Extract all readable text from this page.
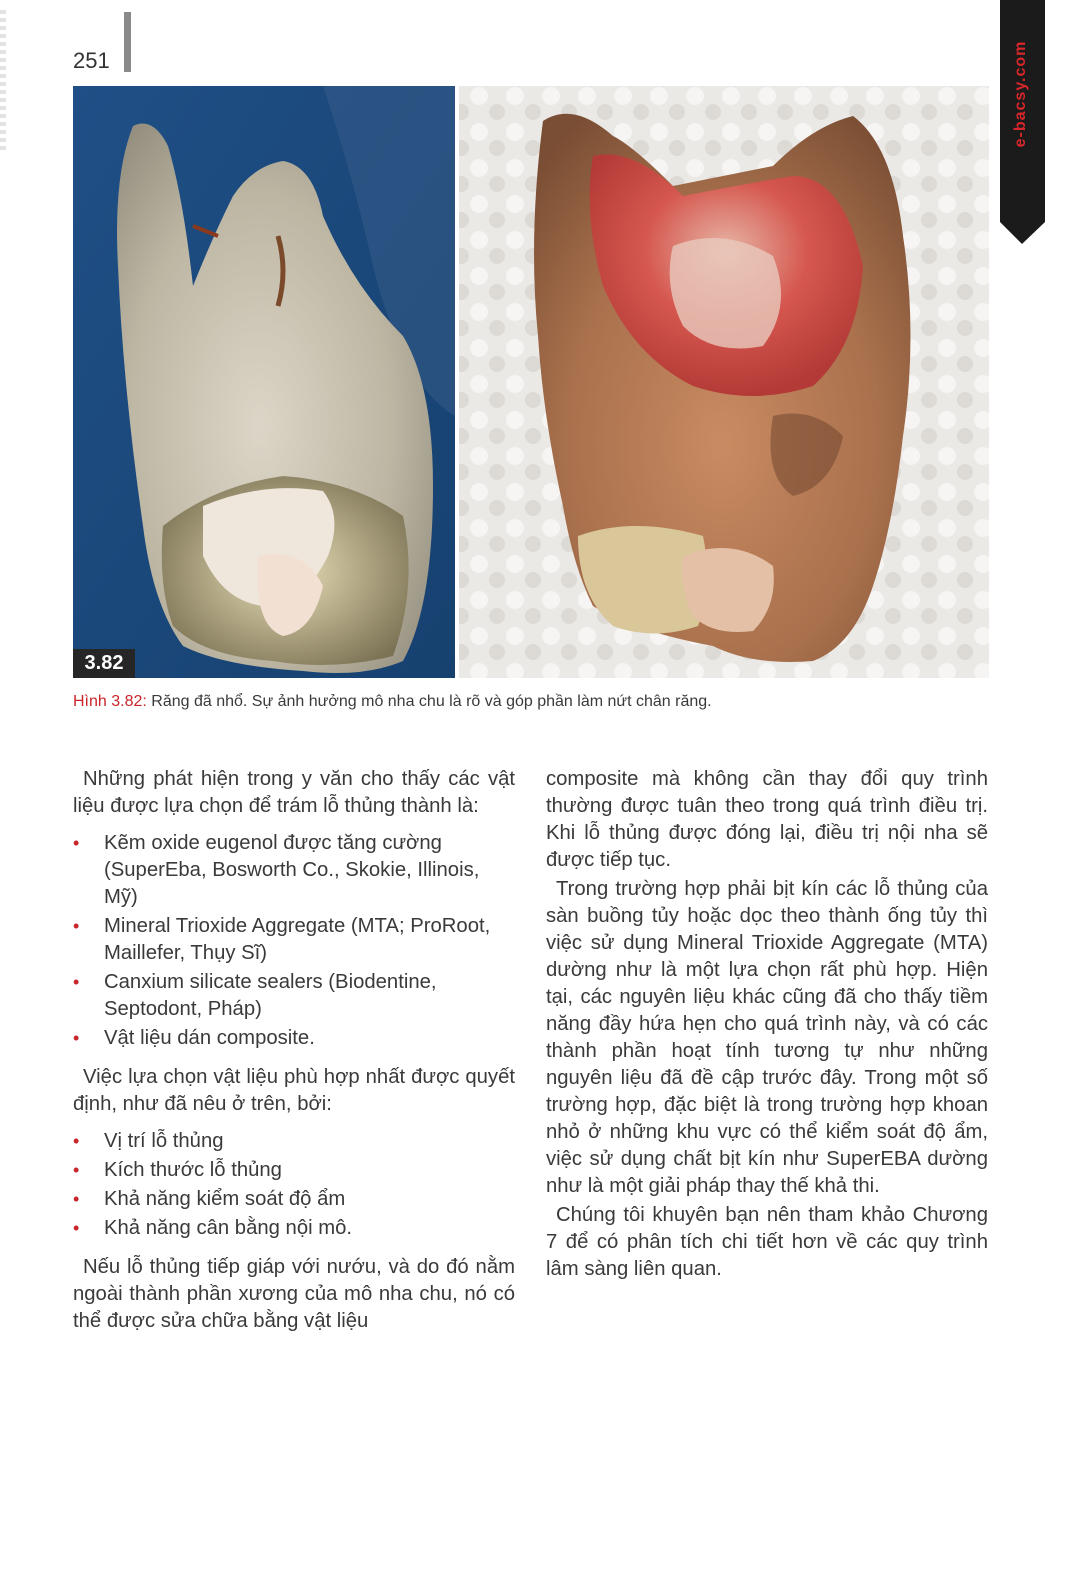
251	e-bacsy.com
3.82
Hình 3.82: Răng đã nhổ. Sự ảnh hưởng mô nha chu là rõ và góp phần làm nứt chân răng.

Những phát hiện trong y văn cho thấy các vật liệu được lựa chọn để trám lỗ thủng thành là:

• Kẽm oxide eugenol được tăng cường (SuperEba, Bosworth Co., Skokie, Illinois, Mỹ)
• Mineral Trioxide Aggregate (MTA; ProRoot, Maillefer, Thụy Sĩ)
• Canxium silicate sealers (Biodentine, Septodont, Pháp)
• Vật liệu dán composite.

Việc lựa chọn vật liệu phù hợp nhất được quyết định, như đã nêu ở trên, bởi:

• Vị trí lỗ thủng
• Kích thước lỗ thủng
• Khả năng kiểm soát độ ẩm
• Khả năng cân bằng nội mô.

Nếu lỗ thủng tiếp giáp với nướu, và do đó nằm ngoài thành phần xương của mô nha chu, nó có thể được sửa chữa bằng vật liệu

composite mà không cần thay đổi quy trình thường được tuân theo trong quá trình điều trị. Khi lỗ thủng được đóng lại, điều trị nội nha sẽ được tiếp tục.

Trong trường hợp phải bịt kín các lỗ thủng của sàn buồng tủy hoặc dọc theo thành ống tủy thì việc sử dụng Mineral Trioxide Aggregate (MTA) dường như là một lựa chọn rất phù hợp. Hiện tại, các nguyên liệu khác cũng đã cho thấy tiềm năng đầy hứa hẹn cho quá trình này, và có các thành phần hoạt tính tương tự như những nguyên liệu đã đề cập trước đây. Trong một số trường hợp, đặc biệt là trong trường hợp khoan nhỏ ở những khu vực có thể kiểm soát độ ẩm, việc sử dụng chất bịt kín như SuperEBA dường như là một giải pháp thay thế khả thi.

Chúng tôi khuyên bạn nên tham khảo Chương 7 để có phân tích chi tiết hơn về các quy trình lâm sàng liên quan.
